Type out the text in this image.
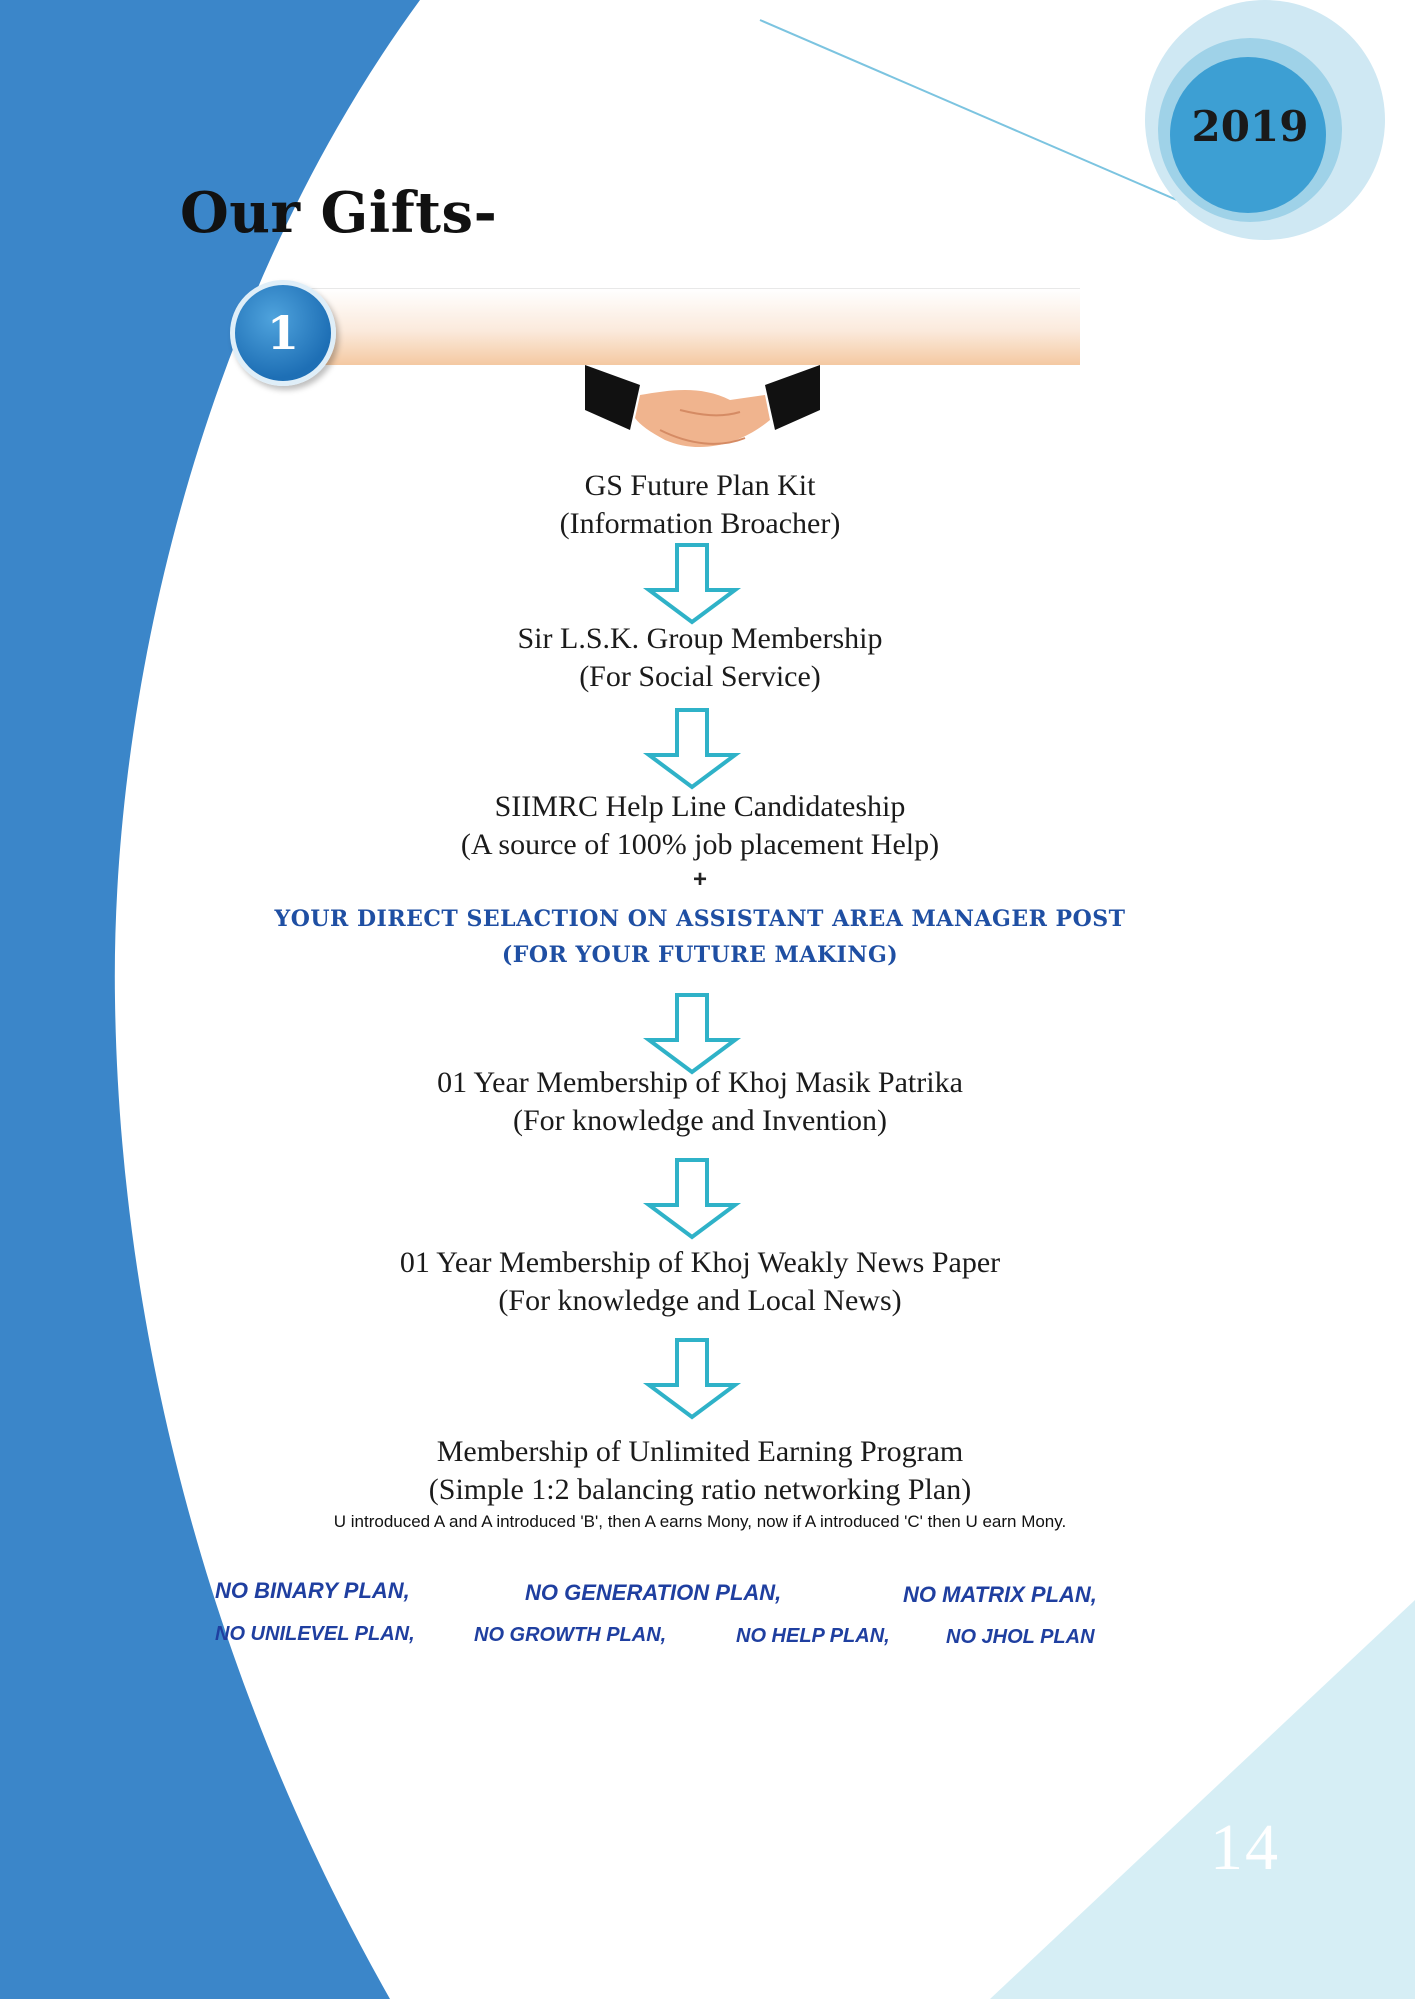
2019
Our Gifts-
1
GS Future Plan Kit
(Information Broacher)
Sir L.S.K. Group Membership
(For Social Service)
SIIMRC Help Line Candidateship
(A source of 100% job placement Help)
+
YOUR DIRECT SELACTION ON ASSISTANT AREA MANAGER POST
(FOR YOUR FUTURE MAKING)
01 Year Membership of Khoj Masik Patrika
(For knowledge and Invention)
01 Year Membership of Khoj Weakly News Paper
(For knowledge and Local News)
Membership of Unlimited Earning Program
(Simple 1:2 balancing ratio networking Plan)
U introduced A and A introduced 'B', then A earns Mony, now if A introduced 'C' then U earn Mony.
NO BINARY PLAN,	NO GENERATION PLAN,	NO MATRIX PLAN,
NO UNILEVEL PLAN,	NO GROWTH PLAN,	NO HELP PLAN,	NO JHOL PLAN
14
